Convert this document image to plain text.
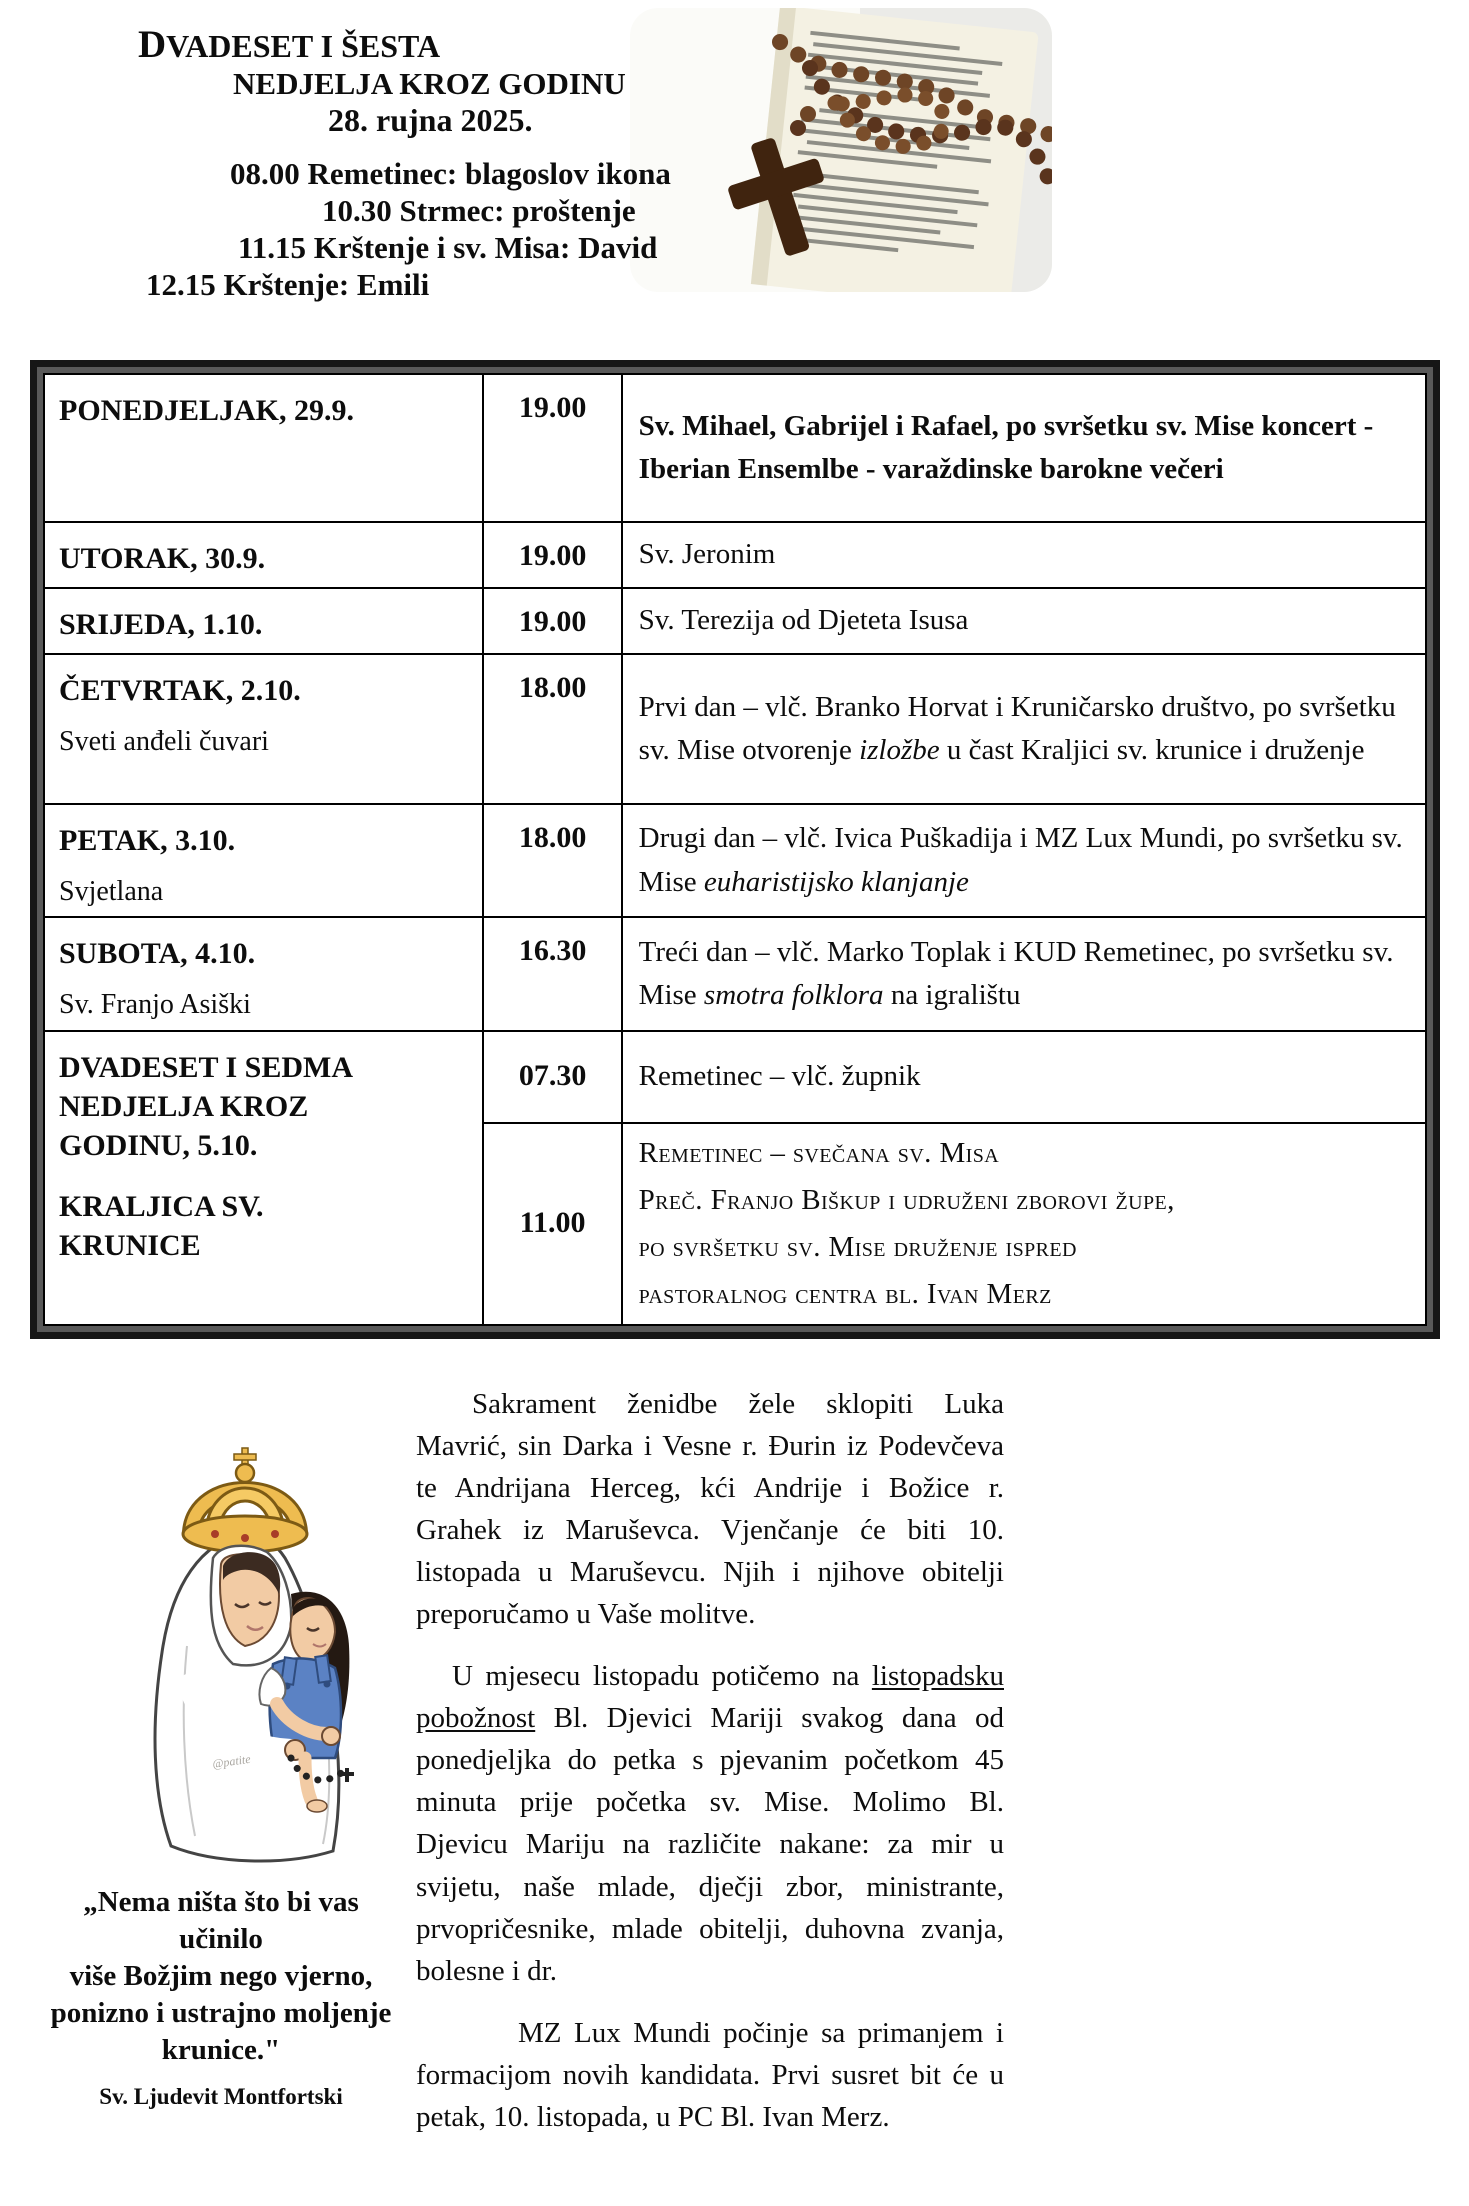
DVADESET I ŠESTA
NEDJELJA KROZ GODINU
28. rujna 2025.
08.00 Remetinec: blagoslov ikona
10.30 Strmec: proštenje
11.15 Krštenje i sv. Misa: David
12.15 Krštenje: Emili
PONEDJELJAK, 29.9.	19.00	Sv. Mihael, Gabrijel i Rafael, po svršetku sv. Mise koncert - Iberian Ensemlbe - varaždinske barokne večeri

UTORAK, 30.9.	19.00	Sv. Jeronim

SRIJEDA, 1.10.	19.00	Sv. Terezija od Djeteta Isusa

ČETVRTAK, 2.10.
Sveti anđeli čuvari	18.00	Prvi dan – vlč. Branko Horvat i Kruničarsko društvo, po svršetku sv. Mise otvorenje izložbe u čast Kraljici sv. krunice i druženje

PETAK, 3.10.
Svjetlana	18.00	Drugi dan – vlč. Ivica Puškadija i MZ Lux Mundi, po svršetku sv. Mise euharistijsko klanjanje

SUBOTA, 4.10.
Sv. Franjo Asiški	16.30	Treći dan – vlč. Marko Toplak i KUD Remetinec, po svršetku sv. Mise smotra folklora na igralištu

DVADESET I SEDMA
NEDJELJA KROZ
GODINU, 5.10.
KRALJICA SV.
KRUNICE	07.30	Remetinec – vlč. župnik
	11.00	Remetinec – svečana sv. Misa
Preč. Franjo Biškup i udruženi zborovi župe,
po svršetku sv. Mise druženje ispred
pastoralnog centra bl. Ivan Merz
@patite
„Nema ništa što bi vas učinilo
više Božjim nego vjerno,
ponizno i ustrajno moljenje
krunice."
Sv. Ljudevit Montfortski

Sakrament ženidbe žele sklopiti Luka Mavrić, sin Darka i Vesne r. Đurin iz Podevčeva te Andrijana Herceg, kći Andrije i Božice r. Grahek iz Maruševca. Vjenčanje će biti 10. listopada u Maruševcu. Njih i njihove obitelji preporučamo u Vaše molitve.

U mjesecu listopadu potičemo na listopadsku pobožnost Bl. Djevici Mariji svakog dana od ponedjeljka do petka s pjevanim početkom 45 minuta prije početka sv. Mise. Molimo Bl. Djevicu Mariju na različite nakane: za mir u svijetu, naše mlade, dječji zbor, ministrante, prvopričesnike, mlade obitelji, duhovna zvanja, bolesne i dr.

MZ Lux Mundi počinje sa primanjem i formacijom novih kandidata. Prvi susret bit će u petak, 10. listopada, u PC Bl. Ivan Merz.
